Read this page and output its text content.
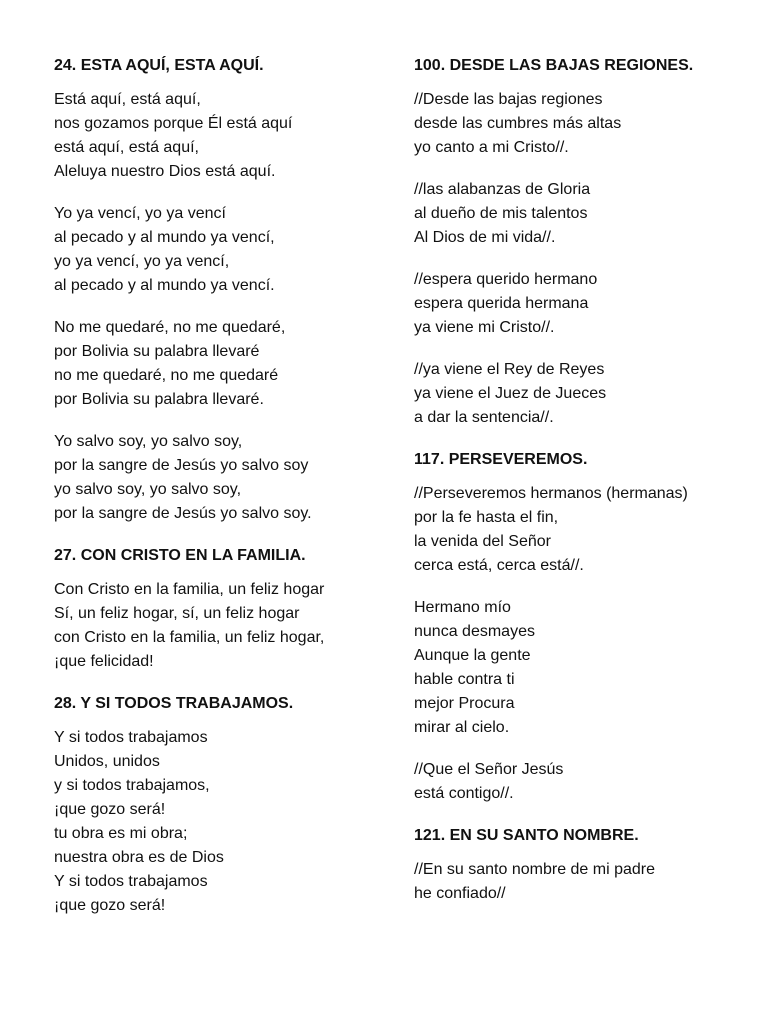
24. ESTA AQUÍ, ESTA AQUÍ.
Está aquí, está aquí,
nos gozamos porque Él está aquí
está aquí, está aquí,
Aleluya nuestro Dios está aquí.
Yo ya vencí, yo ya vencí
al pecado y al mundo ya vencí,
yo ya vencí, yo ya vencí,
al pecado y al mundo ya vencí.
No me quedaré, no me quedaré,
por Bolivia su palabra llevaré
no me quedaré, no me quedaré
por Bolivia su palabra llevaré.
Yo salvo soy, yo salvo soy,
por la sangre de Jesús yo salvo soy
yo salvo soy, yo salvo soy,
por la sangre de Jesús yo salvo soy.
27. CON CRISTO EN LA FAMILIA.
Con Cristo en la familia, un feliz hogar
Sí, un feliz hogar, sí, un feliz hogar
con Cristo en la familia, un feliz hogar,
¡que felicidad!
28. Y SI TODOS TRABAJAMOS.
Y si todos trabajamos
Unidos, unidos
y si todos trabajamos,
¡que gozo será!
tu obra es mi obra;
nuestra obra es de Dios
Y si todos trabajamos
¡que gozo será!
100. DESDE LAS BAJAS REGIONES.
//Desde las bajas regiones
desde las cumbres más altas
yo canto a mi Cristo//.
//las alabanzas de Gloria
al dueño de mis talentos
Al Dios de mi vida//.
//espera querido hermano
espera querida hermana
ya viene mi Cristo//.
//ya viene el Rey de Reyes
ya viene el Juez de Jueces
a dar la sentencia//.
117. PERSEVEREMOS.
//Perseveremos hermanos (hermanas)
por la fe hasta el fin,
la venida del Señor
cerca está, cerca está//.
Hermano mío
nunca desmayes
Aunque la gente
hable contra ti
mejor Procura
mirar al cielo.
//Que el Señor Jesús
está contigo//.
121. EN SU SANTO NOMBRE.
//En su santo nombre de mi padre
he confiado//
